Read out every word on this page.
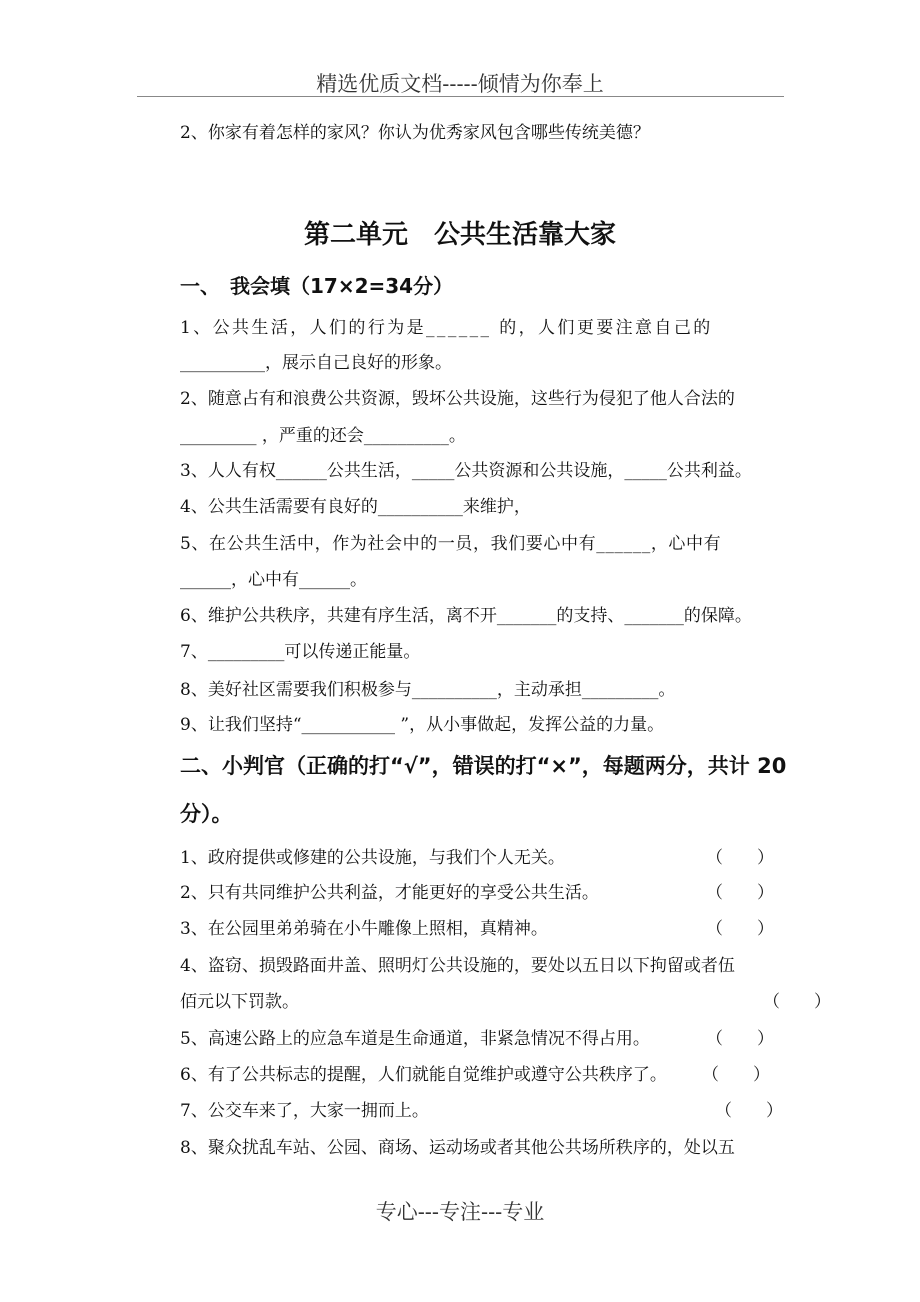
精选优质文档-----倾情为你奉上
2、你家有着怎样的家风？你认为优秀家风包含哪些传统美德？
第二单元　公共生活靠大家
一、　我会填（17×2=34分）
1、公共生活，人们的行为是______ 的，人们更要注意自己的
__________，展示自己良好的形象。
2、随意占有和浪费公共资源，毁坏公共设施，这些行为侵犯了他人合法的
_________ ，严重的还会__________。
3、人人有权______公共生活，_____公共资源和公共设施，_____公共利益。
4、公共生活需要有良好的__________来维护，
5、在公共生活中，作为社会中的一员，我们要心中有______，心中有
______，心中有______。
6、维护公共秩序，共建有序生活，离不开_______的支持、_______的保障。
7、_________可以传递正能量。
8、美好社区需要我们积极参与__________，主动承担_________。
9、让我们坚持“___________ ”，从小事做起，发挥公益的力量。
二、小判官（正确的打“√”，错误的打“×”，每题两分，共计 20
分）。
1、政府提供或修建的公共设施，与我们个人无关。	（　　）
2、只有共同维护公共利益，才能更好的享受公共生活。	（　　）
3、在公园里弟弟骑在小牛雕像上照相，真精神。	（　　）
4、盗窃、损毁路面井盖、照明灯公共设施的，要处以五日以下拘留或者伍
佰元以下罚款。	（　　）
5、高速公路上的应急车道是生命通道，非紧急情况不得占用。	（　　）
6、有了公共标志的提醒，人们就能自觉维护或遵守公共秩序了。 （　　）
7、公交车来了，大家一拥而上。	（　　）
8、聚众扰乱车站、公园、商场、运动场或者其他公共场所秩序的，处以五
专心---专注---专业
